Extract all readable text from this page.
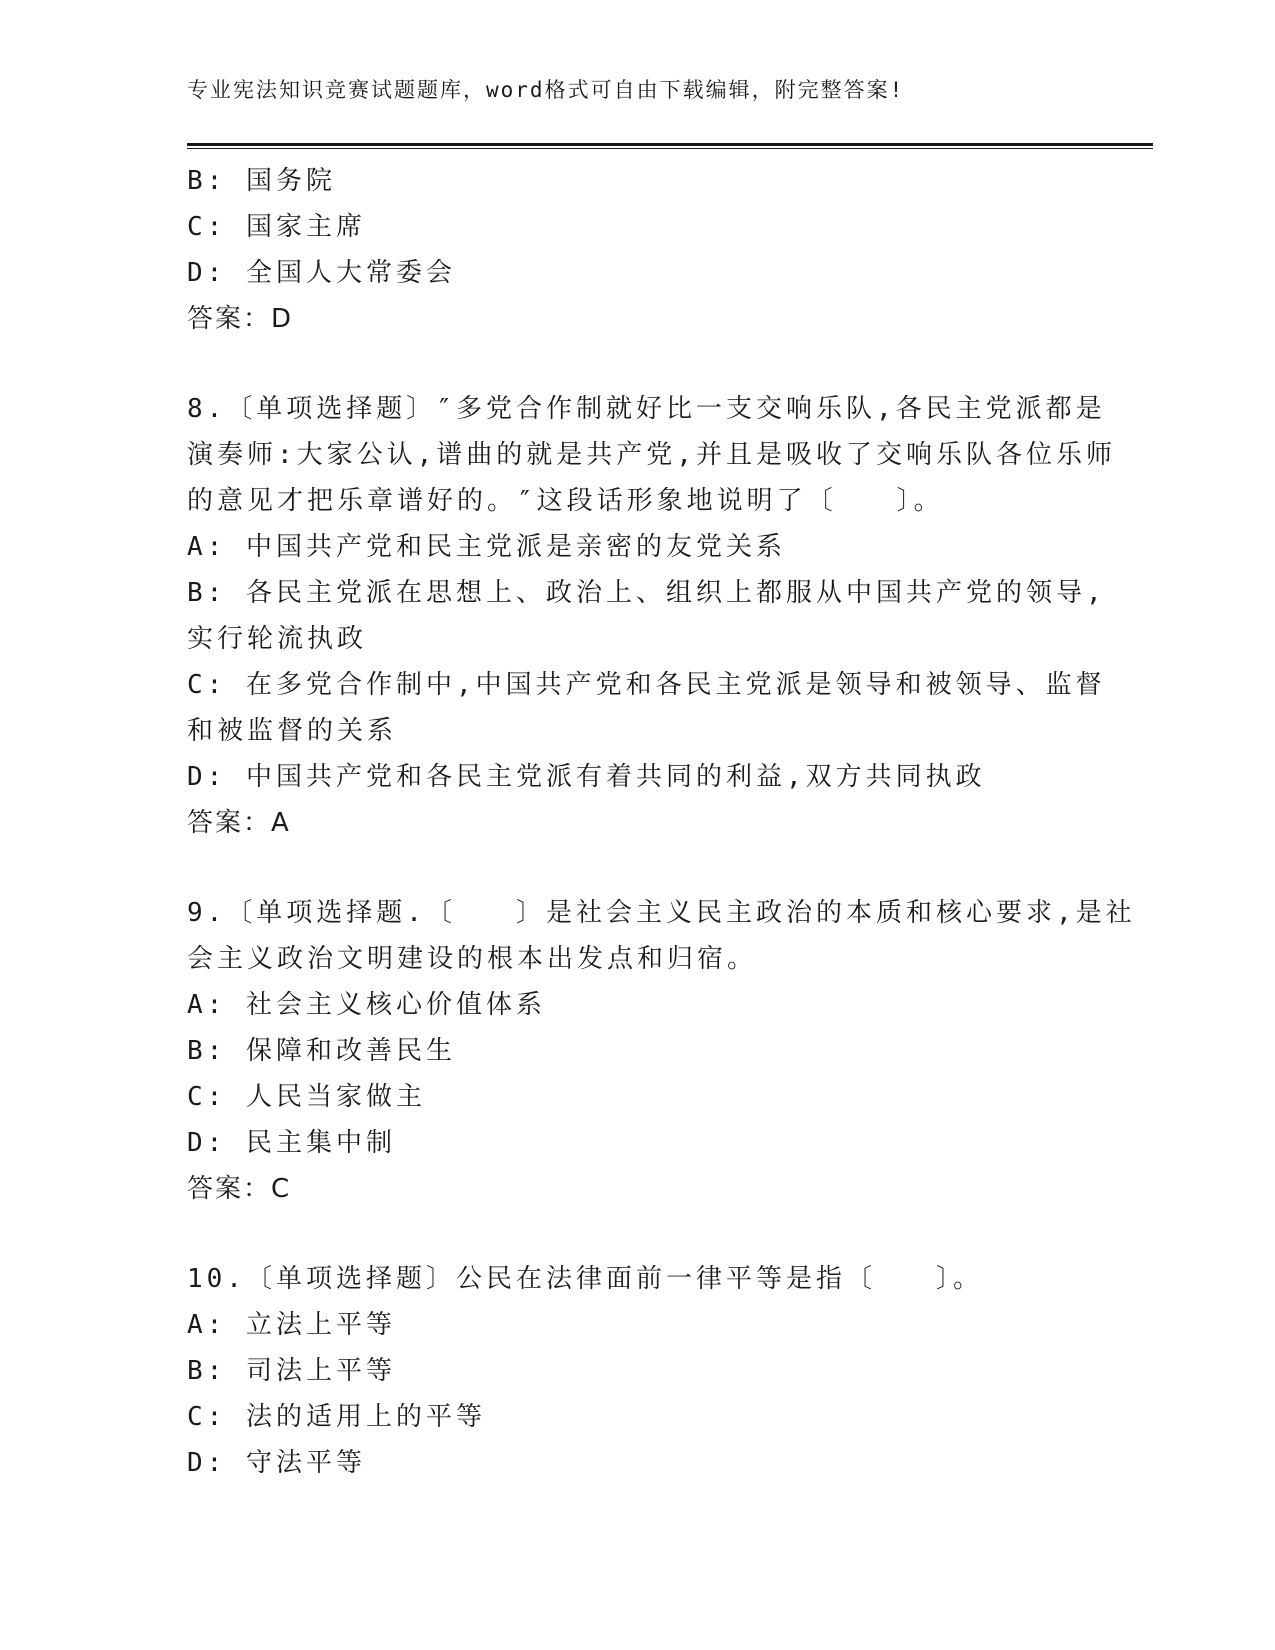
专业宪法知识竞赛试题题库，word格式可自由下载编辑，附完整答案!
B: 国务院
C: 国家主席
D: 全国人大常委会
答案：D
8.〔单项选择题〕″多党合作制就好比一支交响乐队,各民主党派都是
演奏师:大家公认,谱曲的就是共产党,并且是吸收了交响乐队各位乐师
的意见才把乐章谱好的。″这段话形象地说明了〔　　〕。
A: 中国共产党和民主党派是亲密的友党关系
B: 各民主党派在思想上、政治上、组织上都服从中国共产党的领导,
实行轮流执政
C: 在多党合作制中,中国共产党和各民主党派是领导和被领导、监督
和被监督的关系
D: 中国共产党和各民主党派有着共同的利益,双方共同执政
答案：A
9.〔单项选择题.〔　　〕是社会主义民主政治的本质和核心要求,是社
会主义政治文明建设的根本出发点和归宿。
A: 社会主义核心价值体系
B: 保障和改善民生
C: 人民当家做主
D: 民主集中制
答案：C
10.〔单项选择题〕公民在法律面前一律平等是指〔　　〕。
A: 立法上平等
B: 司法上平等
C: 法的适用上的平等
D: 守法平等
